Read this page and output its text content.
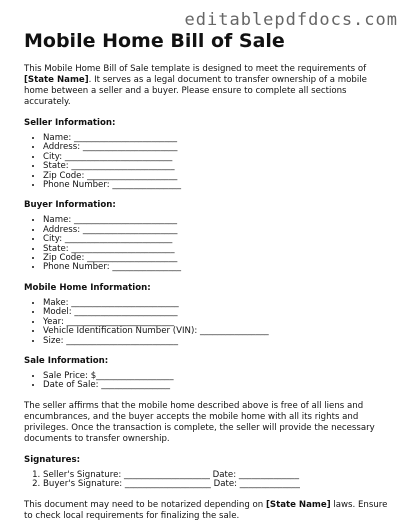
editablepdfdocs.com
Mobile Home Bill of Sale

This Mobile Home Bill of Sale template is designed to meet the requirements of [State Name]. It serves as a legal document to transfer ownership of a mobile home between a seller and a buyer. Please ensure to complete all sections accurately.

Seller Information:
• Name: ________________________
• Address: ______________________
• City: _________________________
• State: ________________________
• Zip Code: _____________________
• Phone Number: ________________
Buyer Information:
• Name: ________________________
• Address: ______________________
• City: _________________________
• State: ________________________
• Zip Code: _____________________
• Phone Number: ________________
Mobile Home Information:
• Make: _________________________
• Model: ________________________
• Year: _________________________
• Vehicle Identification Number (VIN): ________________
• Size: __________________________
Sale Information:
• Sale Price: $__________________
• Date of Sale: ________________

The seller affirms that the mobile home described above is free of all liens and encumbrances, and the buyer accepts the mobile home with all its rights and privileges. Once the transaction is complete, the seller will provide the necessary documents to transfer ownership.

Signatures:
1. Seller's Signature: ____________________ Date: ______________
2. Buyer's Signature: ____________________ Date: ______________

This document may need to be notarized depending on [State Name] laws. Ensure to check local requirements for finalizing the sale.
